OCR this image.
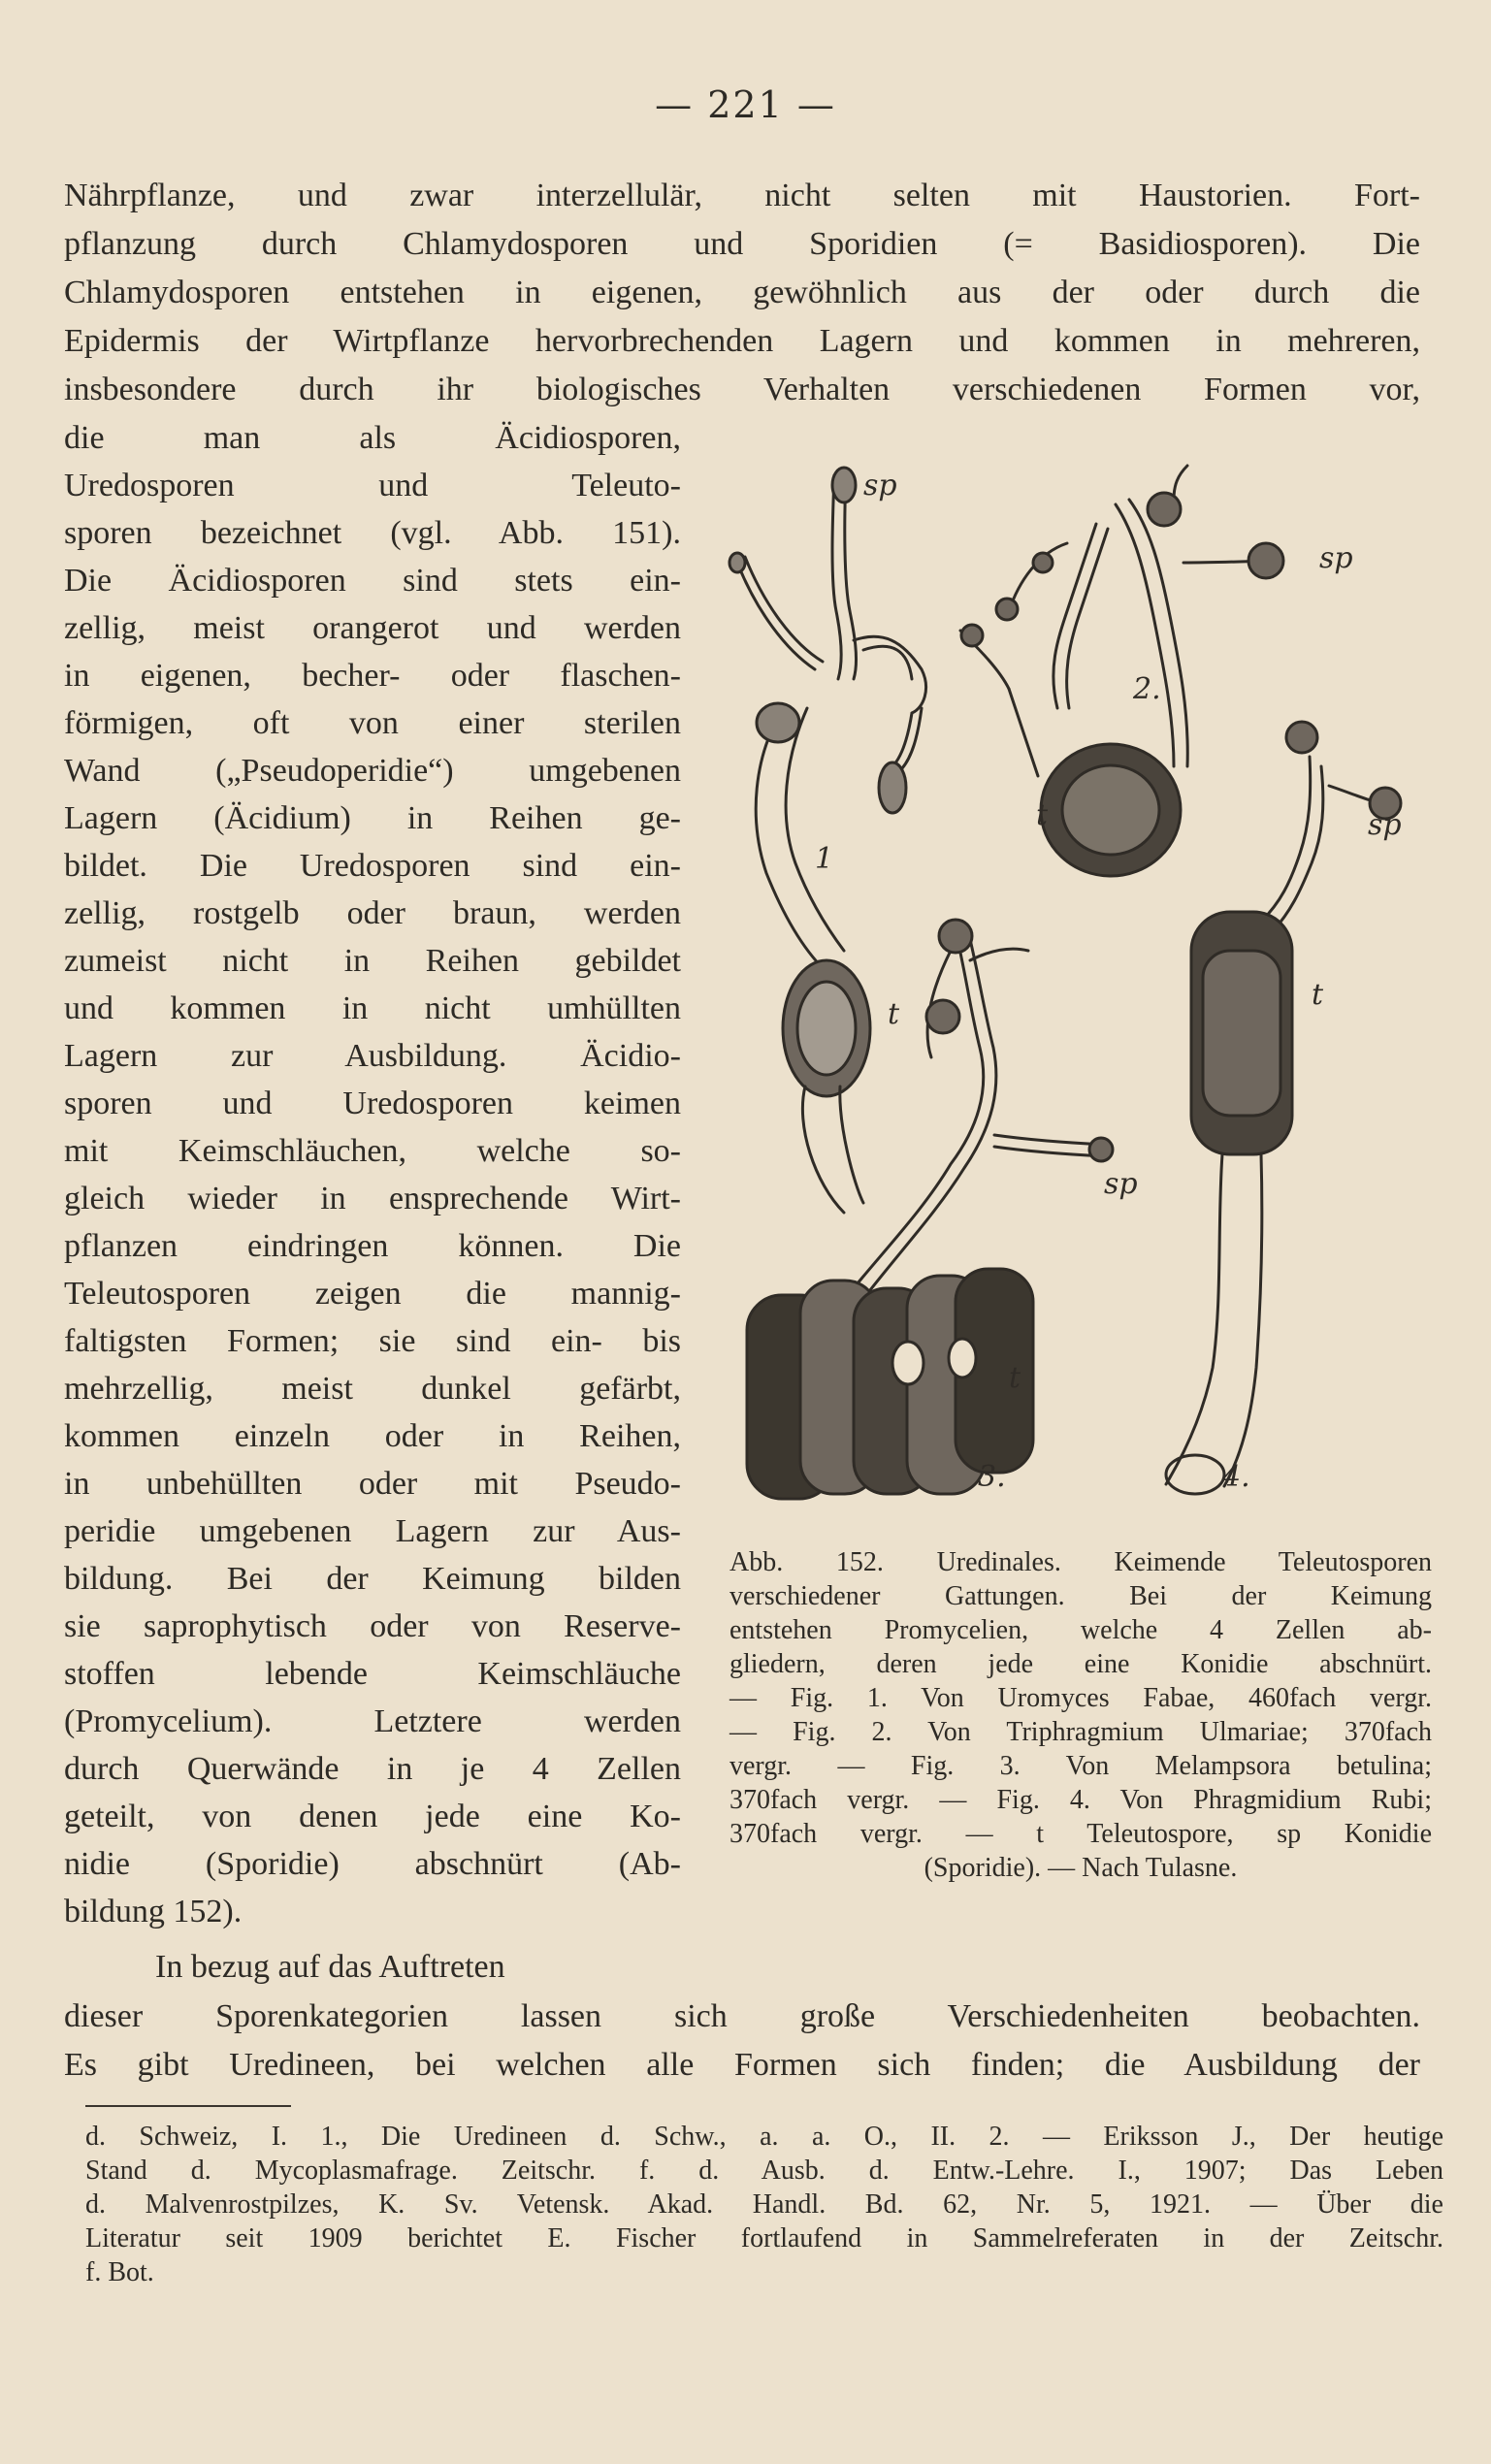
— 221 —
Nährpflanze, und zwar interzellulär, nicht selten mit Haustorien. Fort-
pflanzung durch Chlamydosporen und Sporidien (= Basidiosporen). Die
Chlamydosporen entstehen in eigenen, gewöhnlich aus der oder durch die
Epidermis der Wirtpflanze hervorbrechenden Lagern und kommen in mehreren,
insbesondere durch ihr biologisches Verhalten verschiedenen Formen vor,
die man als Äcidiosporen,
Uredosporen und Teleuto-
sporen bezeichnet (vgl. Abb. 151).
Die Äcidiosporen sind stets ein-
zellig, meist orangerot und werden
in eigenen, becher- oder flaschen-
förmigen, oft von einer sterilen
Wand („Pseudoperidie“) umgebenen
Lagern (Äcidium) in Reihen ge-
bildet. Die Uredosporen sind ein-
zellig, rostgelb oder braun, werden
zumeist nicht in Reihen gebildet
und kommen in nicht umhüllten
Lagern zur Ausbildung. Äcidio-
sporen und Uredosporen keimen
mit Keimschläuchen, welche so-
gleich wieder in ensprechende Wirt-
pflanzen eindringen können. Die
Teleutosporen zeigen die mannig-
faltigsten Formen; sie sind ein- bis
mehrzellig, meist dunkel gefärbt,
kommen einzeln oder in Reihen,
in unbehüllten oder mit Pseudo-
peridie umgebenen Lagern zur Aus-
bildung. Bei der Keimung bilden
sie saprophytisch oder von Reserve-
stoffen lebende Keimschläuche
(Promycelium). Letztere werden
durch Querwände in je 4 Zellen
geteilt, von denen jede eine Ko-
nidie (Sporidie) abschnürt (Ab-
bildung 152).
In bezug auf das Auftreten
dieser Sporenkategorien lassen sich große Verschiedenheiten beobachten.
Es gibt Uredineen, bei welchen alle Formen sich finden; die Ausbildung der
sp
sp
sp
sp
t
t
t
t
1
2.
3.	4.
Abb. 152. Uredinales. Keimende Teleutosporen
verschiedener Gattungen. Bei der Keimung
entstehen Promycelien, welche 4 Zellen ab-
gliedern, deren jede eine Konidie abschnürt.
— Fig. 1. Von Uromyces Fabae, 460fach vergr.
— Fig. 2. Von Triphragmium Ulmariae; 370fach
vergr. — Fig. 3. Von Melampsora betulina;
370fach vergr. — Fig. 4. Von Phragmidium Rubi;
370fach vergr. — t Teleutospore, sp Konidie
(Sporidie). — Nach Tulasne.
d. Schweiz, I. 1., Die Uredineen d. Schw., a. a. O., II. 2. — Eriksson J., Der heutige
Stand d. Mycoplasmafrage. Zeitschr. f. d. Ausb. d. Entw.-Lehre. I., 1907; Das Leben
d. Malvenrostpilzes, K. Sv. Vetensk. Akad. Handl. Bd. 62, Nr. 5, 1921. — Über die
Literatur seit 1909 berichtet E. Fischer fortlaufend in Sammelreferaten in der Zeitschr.
f. Bot.
